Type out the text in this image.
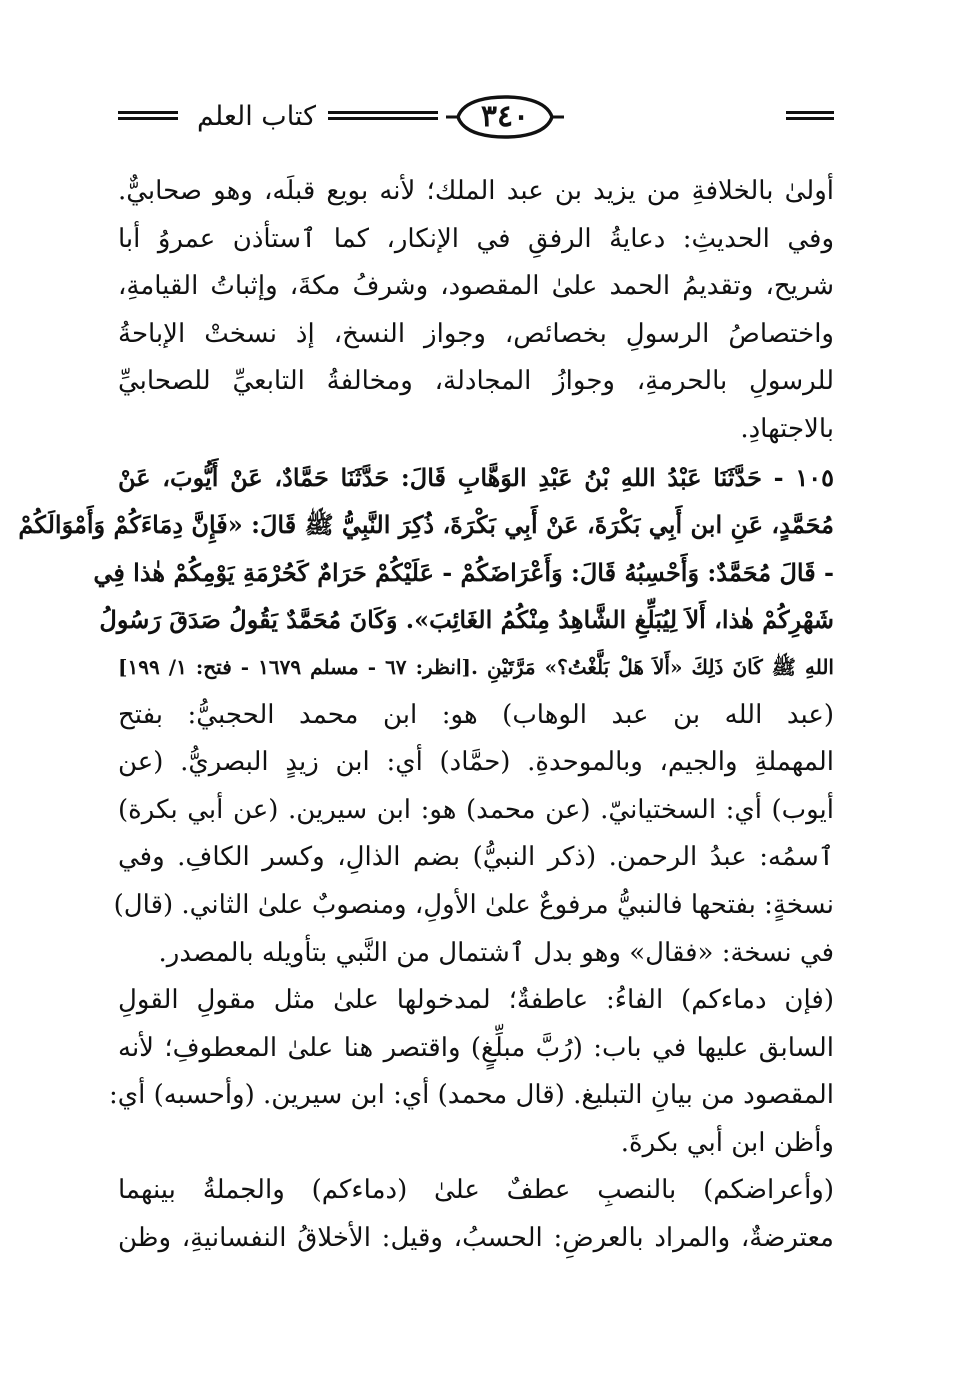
كتاب العلم	٣٤٠
أولىٰ بالخلافةِ من يزيد بن عبد الملك؛ لأنه بويع قبلَه، وهو صحابيٌّ.
وفي الحديثِ: دعايةُ الرفقِ في الإنكار، كما ٱستأذن عمروُ أبا
شريح، وتقديمُ الحمد علىٰ المقصود، وشرفُ مكةَ، وإثباتُ القيامةِ،
واختصاصُ الرسولِ بخصائص، وجواز النسخ، إذ نسختْ الإباحةُ
للرسولِ بالحرمةِ، وجوازُ المجادلة، ومخالفةُ التابعيِّ للصحابيِّ
بالاجتهادِ.
١٠٥ - حَدَّثَنَا عَبْدُ اللهِ بْنُ عَبْدِ الوَهَّابِ قَالَ: حَدَّثَنَا حَمَّادٌ، عَنْ أَيُّوبَ، عَنْ
مُحَمَّدٍ، عَنِ ابن أَبِي بَكْرَةَ، عَنْ أَبِي بَكْرَةَ، ذُكِرَ النَّبِيُّ ﷺ قَالَ: «فَإِنَّ دِمَاءَكُمْ وَأَمْوَالَكُمْ
- قَالَ مُحَمَّدٌ: وَأَحْسِبُهُ قَالَ: وَأَعْرَاضَكُمْ - عَلَيْكُمْ حَرَامٌ كَحُرْمَةِ يَوْمِكُمْ هٰذا فِي
شَهْرِكُمْ هٰذا، أَلاَ لِيُبَلِّغِ الشَّاهِدُ مِنْكُمُ الغَائِبَ». وَكَانَ مُحَمَّدٌ يَقُولُ صَدَقَ رَسُولُ
اللهِ ﷺ كَانَ ذَلِكَ «أَلاَ هَلْ بَلَّغْتُ؟» مَرَّتَيْنِ .[انظر: ٦٧ - مسلم ١٦٧٩ - فتح: ١/ ١٩٩]
(عبد الله بن عبد الوهاب) هو: ابن محمد الحجبيُّ: بفتح
المهملةِ والجيم، وبالموحدةِ. (حمَّاد) أي: ابن زيدٍ البصريُّ. (عن
أيوب) أي: السختيانيّ. (عن محمد) هو: ابن سيرين. (عن أبي بكرة)
ٱسمُه: عبدُ الرحمن. (ذكر النبيُّ) بضم الذالِ، وكسر الكافِ. وفي
نسخةٍ: بفتحها فالنبيُّ مرفوعٌ علىٰ الأولِ، ومنصوبٌ علىٰ الثاني. (قال)
في نسخة: «فقال» وهو بدل ٱشتمال من النَّبي بتأويله بالمصدر.
(فإن دماءكم) الفاءُ: عاطفةٌ؛ لمدخولها علىٰ مثل مقولِ القولِ
السابق عليها في باب: (رُبَّ مبلِّغٍ) واقتصر هنا علىٰ المعطوفِ؛ لأنه
المقصود من بيانِ التبليغ. (قال محمد) أي: ابن سيرين. (وأحسبه) أي:
وأظن ابن أبي بكرةَ.
(وأعراضكم) بالنصبِ عطفٌ علىٰ (دماءكم) والجملةُ بينهما
معترضةٌ، والمراد بالعرضِ: الحسبُ، وقيل: الأخلاقُ النفسانيةِ، وظن
